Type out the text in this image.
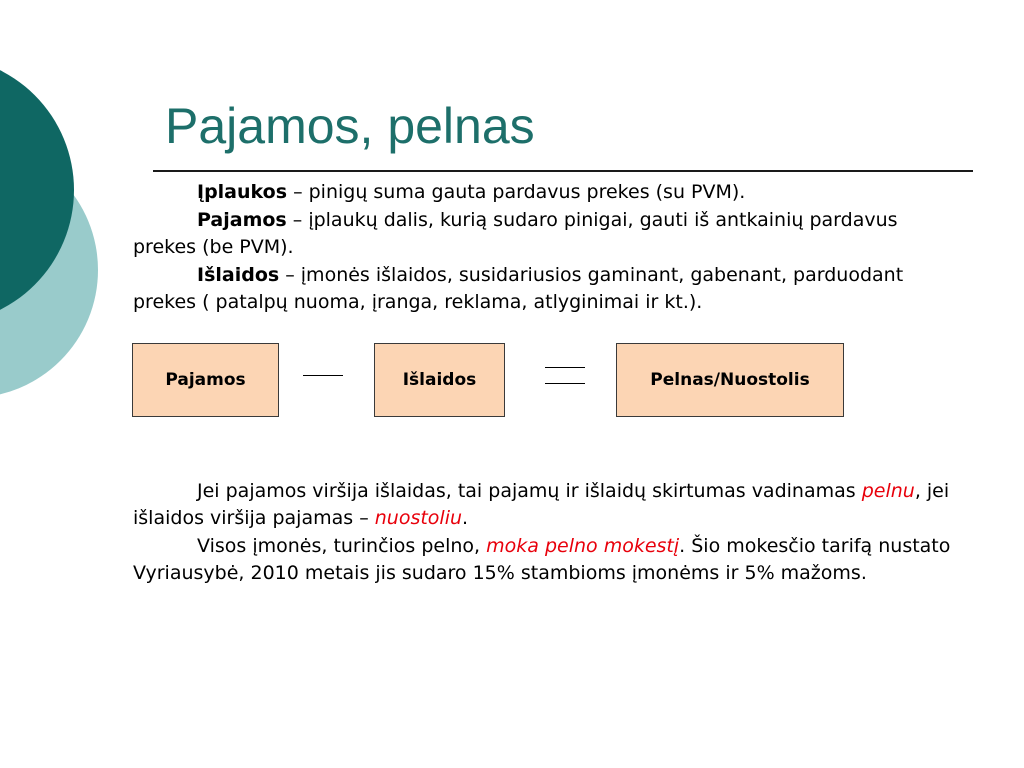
Pajamos, pelnas

Įplaukos – pinigų suma gauta pardavus prekes (su PVM).

Pajamos – įplaukų dalis, kurią sudaro pinigai, gauti iš antkainių pardavus prekes (be PVM).

Išlaidos – įmonės išlaidos, susidariusios gaminant, gabenant, parduodant prekes ( patalpų nuoma, įranga, reklama, atlyginimai ir kt.).

Pajamos	Išlaidos	Pelnas/Nuostolis

Jei pajamos viršija išlaidas, tai pajamų ir išlaidų skirtumas vadinamas pelnu, jei išlaidos viršija pajamas – nuostoliu.

Visos įmonės, turinčios pelno, moka pelno mokestį. Šio mokesčio tarifą nustato Vyriausybė, 2010 metais jis sudaro 15% stambioms įmonėms ir 5% mažoms.
